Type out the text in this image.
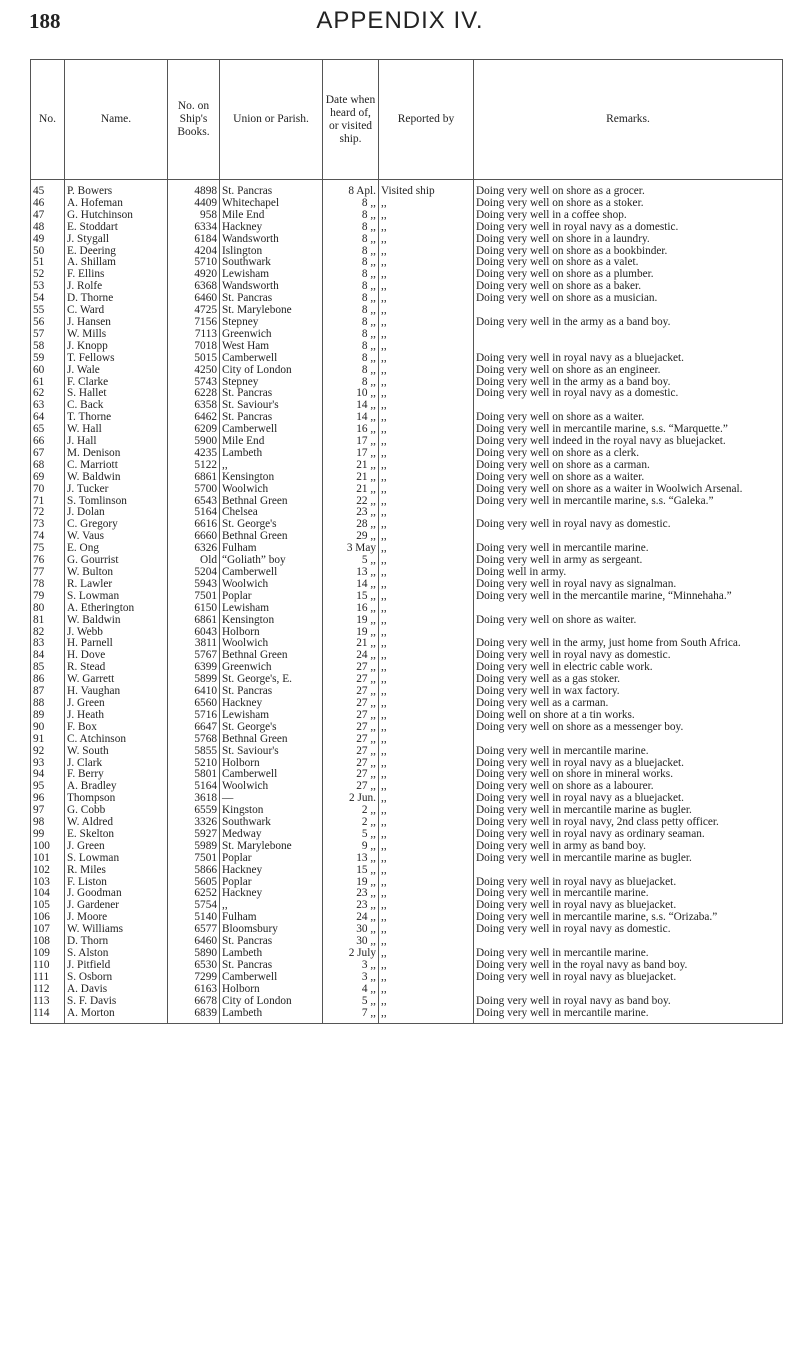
188	APPENDIX IV.
No.	Name.	No. on Ship's Books.	Union or Parish.	Date when heard of, or visited ship.	Reported by	Remarks.
45	P. Bowers	4898	St. Pancras	8 Apl.	Visited ship	Doing very well on shore as a grocer.
46	A. Hofeman	4409	Whitechapel	8 ,,	,,	Doing very well on shore as a stoker.
47	G. Hutchinson	958	Mile End	8 ,,	,,	Doing very well in a coffee shop.
48	E. Stoddart	6334	Hackney	8 ,,	,,	Doing very well in royal navy as a domestic.
49	J. Stygall	6184	Wandsworth	8 ,,	,,	Doing very well on shore in a laundry.
50	E. Deering	4204	Islington	8 ,,	,,	Doing very well on shore as a bookbinder.
51	A. Shillam	5710	Southwark	8 ,,	,,	Doing very well on shore as a valet.
52	F. Ellins	4920	Lewisham	8 ,,	,,	Doing very well on shore as a plumber.
53	J. Rolfe	6368	Wandsworth	8 ,,	,,	Doing very well on shore as a baker.
54	D. Thorne	6460	St. Pancras	8 ,,	,,	Doing very well on shore as a musician.
55	C. Ward	4725	St. Marylebone	8 ,,	,,	
56	J. Hansen	7156	Stepney	8 ,,	,,	Doing very well in the army as a band boy.
57	W. Mills	7113	Greenwich	8 ,,	,,	
58	J. Knopp	7018	West Ham	8 ,,	,,	
59	T. Fellows	5015	Camberwell	8 ,,	,,	Doing very well in royal navy as a bluejacket.
60	J. Wale	4250	City of London	8 ,,	,,	Doing very well on shore as an engineer.
61	F. Clarke	5743	Stepney	8 ,,	,,	Doing very well in the army as a band boy.
62	S. Hallet	6228	St. Pancras	10 ,,	,,	Doing very well in royal navy as a domestic.
63	C. Back	6358	St. Saviour's	14 ,,	,,	
64	T. Thorne	6462	St. Pancras	14 ,,	,,	Doing very well on shore as a waiter.
65	W. Hall	6209	Camberwell	16 ,,	,,	Doing very well in mercantile marine, s.s. “Marquette.”
66	J. Hall	5900	Mile End	17 ,,	,,	Doing very well indeed in the royal navy as bluejacket.
67	M. Denison	4235	Lambeth	17 ,,	,,	Doing very well on shore as a clerk.
68	C. Marriott	5122	,,	21 ,,	,,	Doing very well on shore as a carman.
69	W. Baldwin	6861	Kensington	21 ,,	,,	Doing very well on shore as a waiter.
70	J. Tucker	5700	Woolwich	21 ,,	,,	Doing very well on shore as a waiter in Woolwich Arsenal.
71	S. Tomlinson	6543	Bethnal Green	22 ,,	,,	Doing very well in mercantile marine, s.s. “Galeka.”
72	J. Dolan	5164	Chelsea	23 ,,	,,	
73	C. Gregory	6616	St. George's	28 ,,	,,	Doing very well in royal navy as domestic.
74	W. Vaus	6660	Bethnal Green	29 ,,	,,	
75	E. Ong	6326	Fulham	3 May	,,	Doing very well in mercantile marine.
76	G. Gourrist	Old	“Goliath” boy	5 ,,	,,	Doing very well in army as sergeant.
77	W. Bulton	5204	Camberwell	13 ,,	,,	Doing well in army.
78	R. Lawler	5943	Woolwich	14 ,,	,,	Doing very well in royal navy as signalman.
79	S. Lowman	7501	Poplar	15 ,,	,,	Doing very well in the mercantile marine, “Minnehaha.”
80	A. Etherington	6150	Lewisham	16 ,,	,,	
81	W. Baldwin	6861	Kensington	19 ,,	,,	Doing very well on shore as waiter.
82	J. Webb	6043	Holborn	19 ,,	,,	
83	H. Parnell	3811	Woolwich	21 ,,	,,	Doing very well in the army, just home from South Africa.
84	H. Dove	5767	Bethnal Green	24 ,,	,,	Doing very well in royal navy as domestic.
85	R. Stead	6399	Greenwich	27 ,,	,,	Doing very well in electric cable work.
86	W. Garrett	5899	St. George's, E.	27 ,,	,,	Doing very well as a gas stoker.
87	H. Vaughan	6410	St. Pancras	27 ,,	,,	Doing very well in wax factory.
88	J. Green	6560	Hackney	27 ,,	,,	Doing very well as a carman.
89	J. Heath	5716	Lewisham	27 ,,	,,	Doing well on shore at a tin works.
90	F. Box	6647	St. George's	27 ,,	,,	Doing very well on shore as a messenger boy.
91	C. Atchinson	5768	Bethnal Green	27 ,,	,,	
92	W. South	5855	St. Saviour's	27 ,,	,,	Doing very well in mercantile marine.
93	J. Clark	5210	Holborn	27 ,,	,,	Doing very well in royal navy as a bluejacket.
94	F. Berry	5801	Camberwell	27 ,,	,,	Doing very well on shore in mineral works.
95	A. Bradley	5164	Woolwich	27 ,,	,,	Doing very well on shore as a labourer.
96	Thompson	3618	—	2 Jun.	,,	Doing very well in royal navy as a bluejacket.
97	G. Cobb	6559	Kingston	2 ,,	,,	Doing very well in mercantile marine as bugler.
98	W. Aldred	3326	Southwark	2 ,,	,,	Doing very well in royal navy, 2nd class petty officer.
99	E. Skelton	5927	Medway	5 ,,	,,	Doing very well in royal navy as ordinary seaman.
100	J. Green	5989	St. Marylebone	9 ,,	,,	Doing very well in army as band boy.
101	S. Lowman	7501	Poplar	13 ,,	,,	Doing very well in mercantile marine as bugler.
102	R. Miles	5866	Hackney	15 ,,	,,	
103	F. Liston	5605	Poplar	19 ,,	,,	Doing very well in royal navy as bluejacket.
104	J. Goodman	6252	Hackney	23 ,,	,,	Doing very well in mercantile marine.
105	J. Gardener	5754	,,	23 ,,	,,	Doing very well in royal navy as bluejacket.
106	J. Moore	5140	Fulham	24 ,,	,,	Doing very well in mercantile marine, s.s. “Orizaba.”
107	W. Williams	6577	Bloomsbury	30 ,,	,,	Doing very well in royal navy as domestic.
108	D. Thorn	6460	St. Pancras	30 ,,	,,	
109	S. Alston	5890	Lambeth	2 July	,,	Doing very well in mercantile marine.
110	J. Pitfield	6530	St. Pancras	3 ,,	,,	Doing very well in the royal navy as band boy.
111	S. Osborn	7299	Camberwell	3 ,,	,,	Doing very well in royal navy as bluejacket.
112	A. Davis	6163	Holborn	4 ,,	,,	
113	S. F. Davis	6678	City of London	5 ,,	,,	Doing very well in royal navy as band boy.
114	A. Morton	6839	Lambeth	7 ,,	,,	Doing very well in mercantile marine.
